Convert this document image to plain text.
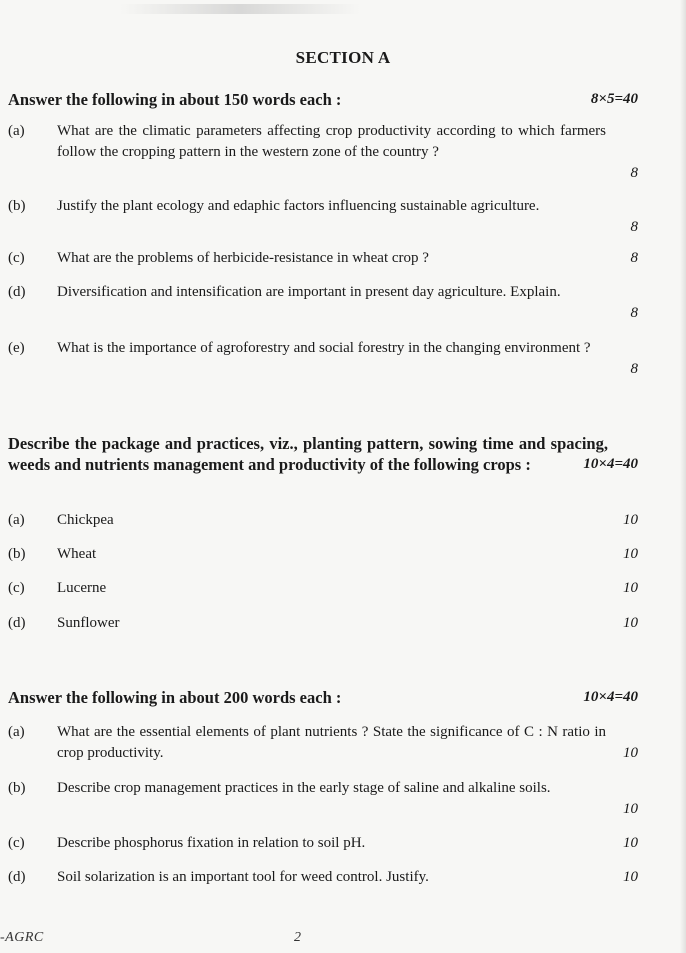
SECTION A
Answer the following in about 150 words each :	8×5=40
(a) What are the climatic parameters affecting crop productivity according to which farmers follow the cropping pattern in the western zone of the country ?
8
(b) Justify the plant ecology and edaphic factors influencing sustainable agriculture.
8
(c) What are the problems of herbicide-resistance in wheat crop ?	8
(d) Diversification and intensification are important in present day agriculture. Explain.
8
(e) What is the importance of agroforestry and social forestry in the changing environment ?
8
Describe the package and practices, viz., planting pattern, sowing time and spacing, weeds and nutrients management and productivity of the following crops :	10×4=40
(a) Chickpea	10
(b) Wheat	10
(c) Lucerne	10
(d) Sunflower	10
Answer the following in about 200 words each :	10×4=40
(a) What are the essential elements of plant nutrients ? State the significance of C : N ratio in crop productivity.	10
(b) Describe crop management practices in the early stage of saline and alkaline soils.
10
(c) Describe phosphorus fixation in relation to soil pH.	10
(d) Soil solarization is an important tool for weed control. Justify.	10
-AGRC	2
